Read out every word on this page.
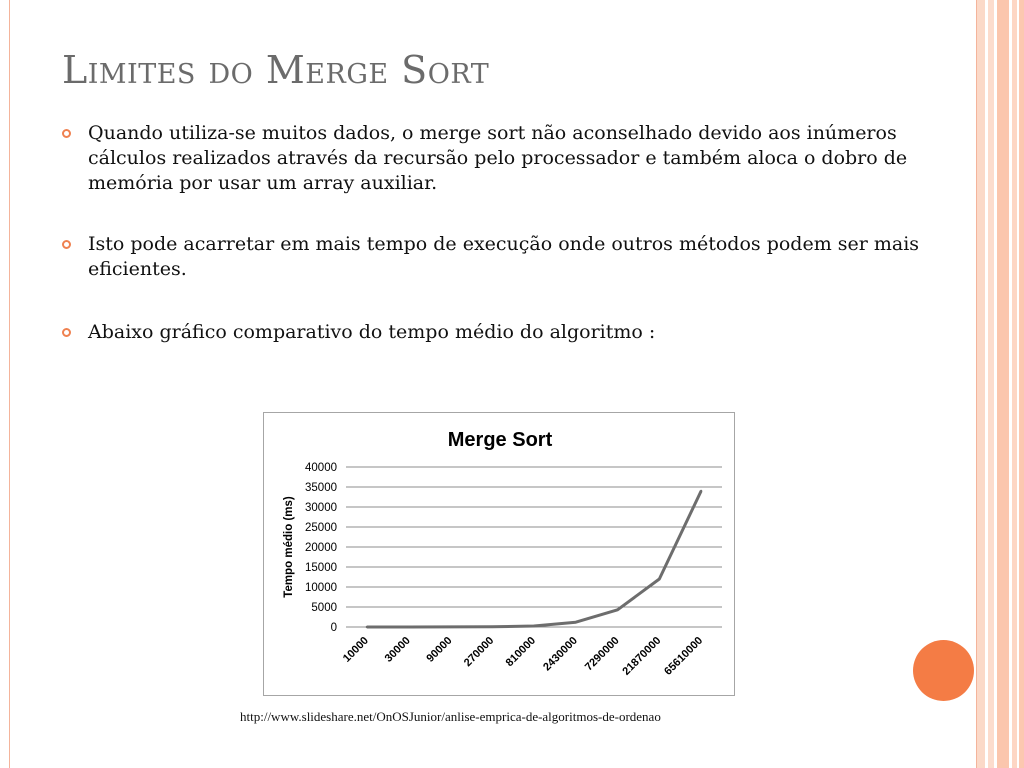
Limites do Merge Sort
Quando utiliza-se muitos dados, o merge sort não aconselhado devido aos inúmeros cálculos realizados através da recursão pelo processador e também aloca o dobro de memória por usar um array auxiliar.
Isto pode acarretar em mais tempo de execução onde outros métodos podem ser mais eficientes.
Abaixo gráfico comparativo do tempo médio do algoritmo :
Merge Sort
0
5000
10000
15000
20000
25000
30000
35000
40000
Tempo médio (ms)
10000 30000 90000 270000 810000 2430000 7290000
21870000
65610000
http://www.slideshare.net/OnOSJunior/anlise-emprica-de-algoritmos-de-ordenao
